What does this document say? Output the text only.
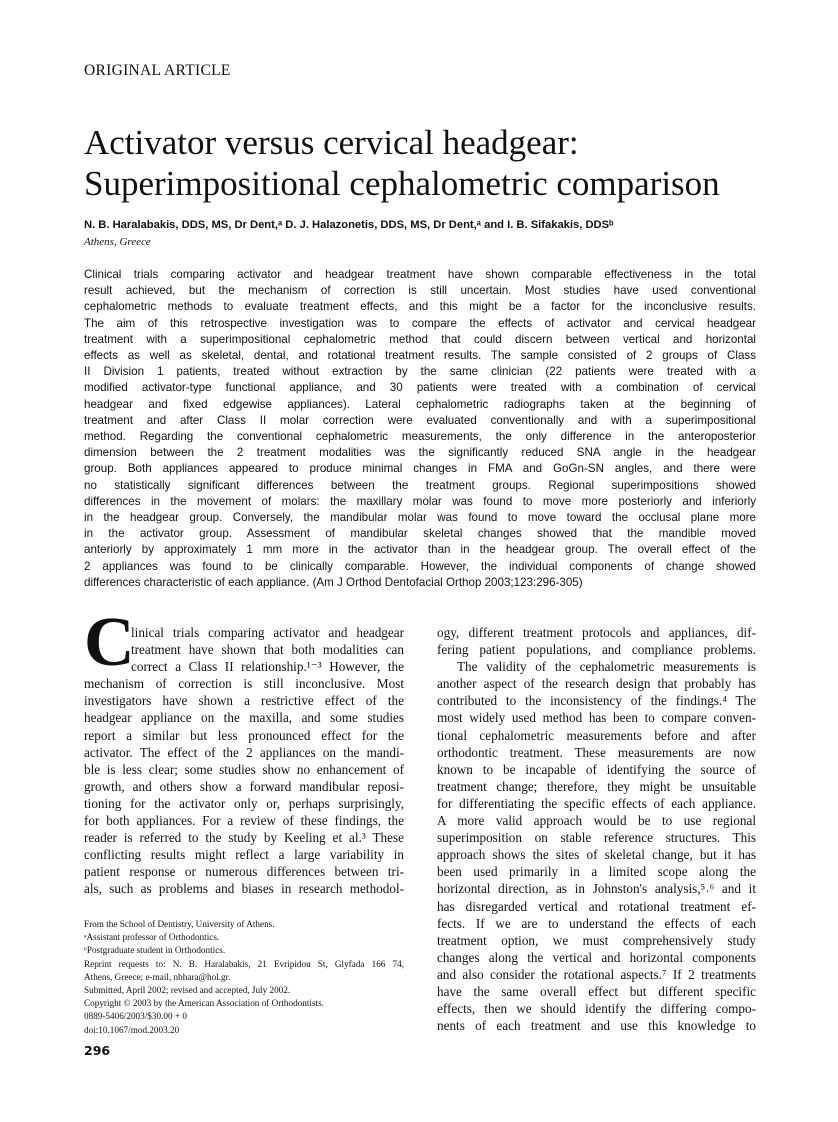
ORIGINAL ARTICLE
Activator versus cervical headgear:
Superimpositional cephalometric comparison
N. B. Haralabakis, DDS, MS, Dr Dent,ᵃ D. J. Halazonetis, DDS, MS, Dr Dent,ᵃ and I. B. Sifakakis, DDSᵇ
Athens, Greece
Clinical trials comparing activator and headgear treatment have shown comparable effectiveness in the total
result achieved, but the mechanism of correction is still uncertain. Most studies have used conventional
cephalometric methods to evaluate treatment effects, and this might be a factor for the inconclusive results.
The aim of this retrospective investigation was to compare the effects of activator and cervical headgear
treatment with a superimpositional cephalometric method that could discern between vertical and horizontal
effects as well as skeletal, dental, and rotational treatment results. The sample consisted of 2 groups of Class
II Division 1 patients, treated without extraction by the same clinician (22 patients were treated with a
modified activator-type functional appliance, and 30 patients were treated with a combination of cervical
headgear and fixed edgewise appliances). Lateral cephalometric radiographs taken at the beginning of
treatment and after Class II molar correction were evaluated conventionally and with a superimpositional
method. Regarding the conventional cephalometric measurements, the only difference in the anteroposterior
dimension between the 2 treatment modalities was the significantly reduced SNA angle in the headgear
group. Both appliances appeared to produce minimal changes in FMA and GoGn-SN angles, and there were
no statistically significant differences between the treatment groups. Regional superimpositions showed
differences in the movement of molars: the maxillary molar was found to move more posteriorly and inferiorly
in the headgear group. Conversely, the mandibular molar was found to move toward the occlusal plane more
in the activator group. Assessment of mandibular skeletal changes showed that the mandible moved
anteriorly by approximately 1 mm more in the activator than in the headgear group. The overall effect of the
2 appliances was found to be clinically comparable. However, the individual components of change showed
differences characteristic of each appliance. (Am J Orthod Dentofacial Orthop 2003;123:296-305)
C
linical trials comparing activator and headgear
treatment have shown that both modalities can
correct a Class II relationship.¹⁻³ However, the
mechanism of correction is still inconclusive. Most
investigators have shown a restrictive effect of the
headgear appliance on the maxilla, and some studies
report a similar but less pronounced effect for the
activator. The effect of the 2 appliances on the mandi-
ble is less clear; some studies show no enhancement of
growth, and others show a forward mandibular reposi-
tioning for the activator only or, perhaps surprisingly,
for both appliances. For a review of these findings, the
reader is referred to the study by Keeling et al.³ These
conflicting results might reflect a large variability in
patient response or numerous differences between tri-
als, such as problems and biases in research methodol-
ogy, different treatment protocols and appliances, dif-
fering patient populations, and compliance problems.
The validity of the cephalometric measurements is
another aspect of the research design that probably has
contributed to the inconsistency of the findings.⁴ The
most widely used method has been to compare conven-
tional cephalometric measurements before and after
orthodontic treatment. These measurements are now
known to be incapable of identifying the source of
treatment change; therefore, they might be unsuitable
for differentiating the specific effects of each appliance.
A more valid approach would be to use regional
superimposition on stable reference structures. This
approach shows the sites of skeletal change, but it has
been used primarily in a limited scope along the
horizontal direction, as in Johnston's analysis,⁵˒⁶ and it
has disregarded vertical and rotational treatment ef-
fects. If we are to understand the effects of each
treatment option, we must comprehensively study
changes along the vertical and horizontal components
and also consider the rotational aspects.⁷ If 2 treatments
have the same overall effect but different specific
effects, then we should identify the differing compo-
nents of each treatment and use this knowledge to
From the School of Dentistry, University of Athens.
ᵃAssistant professor of Orthodontics.
ᵇPostgraduate student in Orthodontics.
Reprint requests to: N. B. Haralabakis, 21 Evripidou St, Glyfada 166 74,
Athens, Greece; e-mail, nbhara@hol.gr.
Submitted, April 2002; revised and accepted, July 2002.
Copyright © 2003 by the American Association of Orthodontists.
0889-5406/2003/$30.00 + 0
doi:10.1067/mod.2003.20
296
